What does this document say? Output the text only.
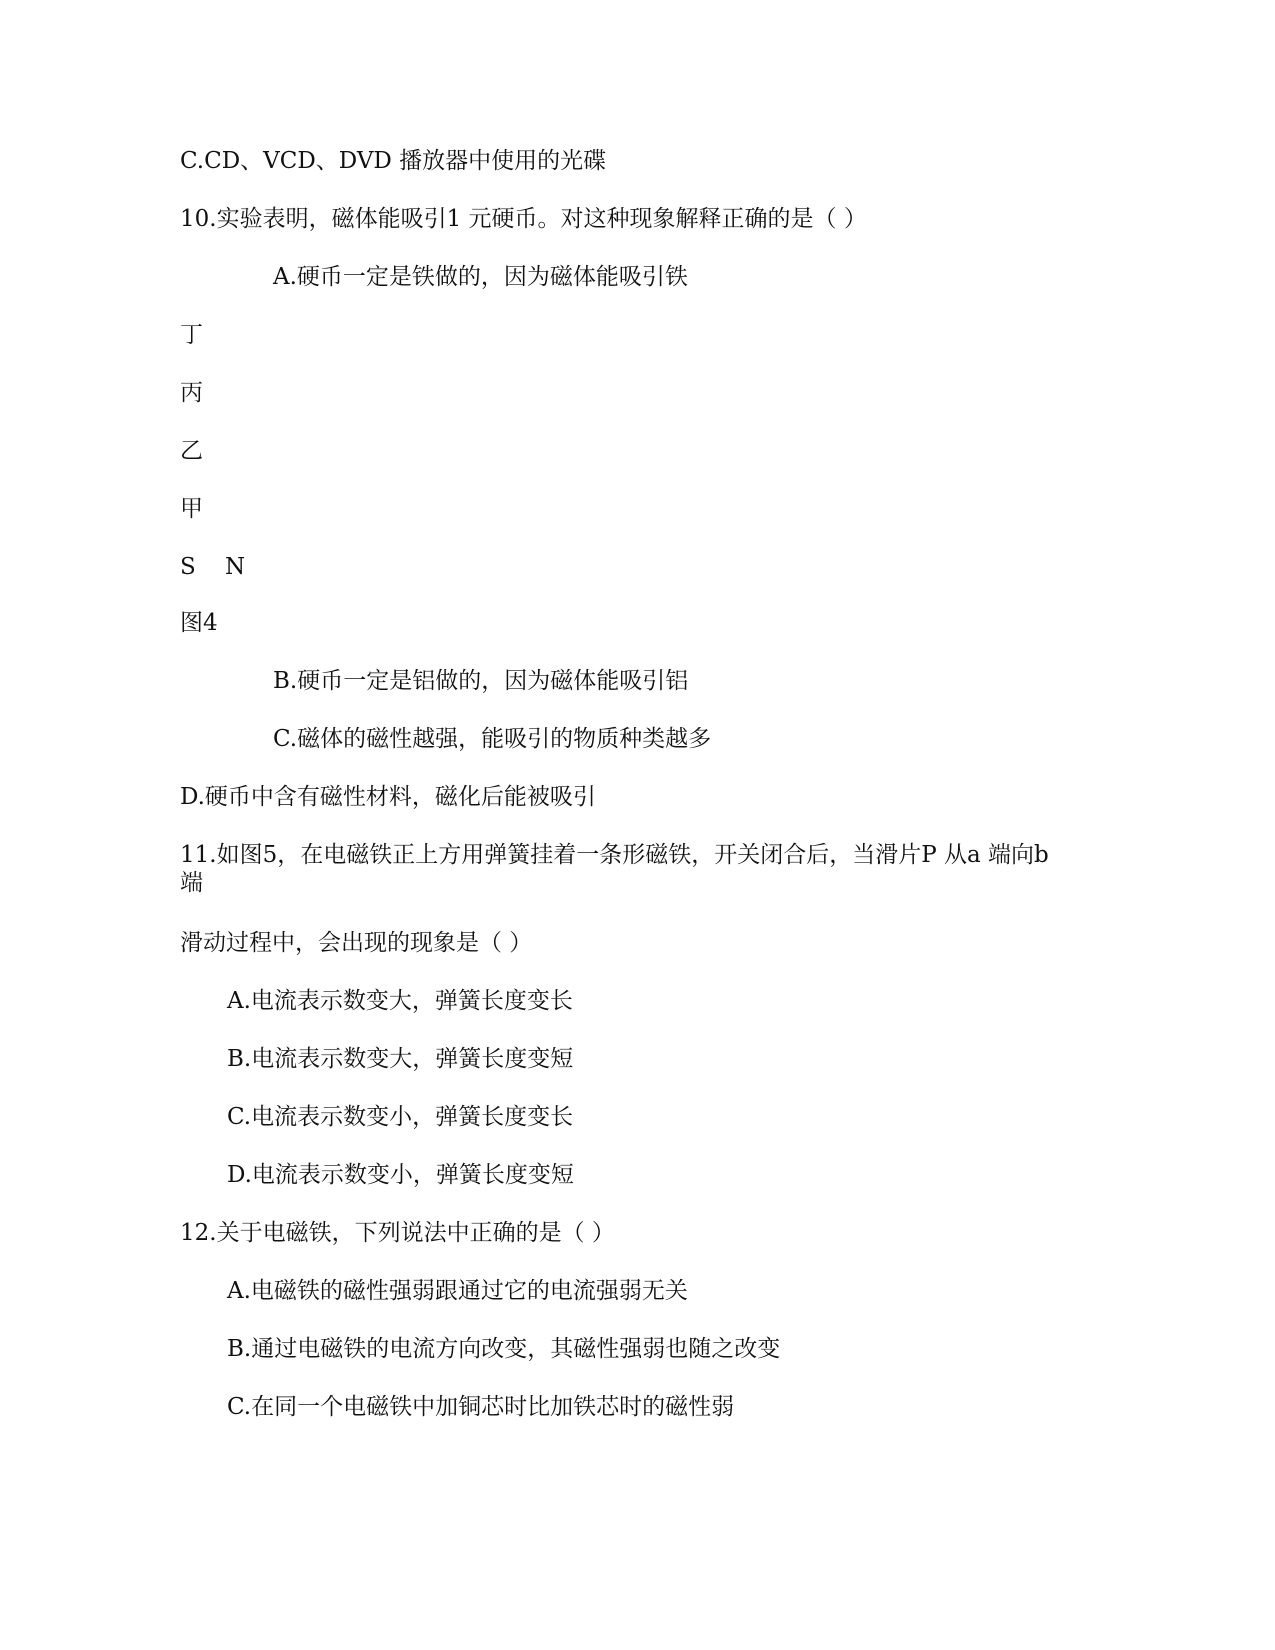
C.CD、VCD、DVD 播放器中使用的光碟
10.实验表明，磁体能吸引1 元硬币。对这种现象解释正确的是（ ）
A.硬币一定是铁做的，因为磁体能吸引铁
丁
丙
乙
甲
S    N
图4
B.硬币一定是铝做的，因为磁体能吸引铝
C.磁体的磁性越强，能吸引的物质种类越多
D.硬币中含有磁性材料，磁化后能被吸引
11.如图5，在电磁铁正上方用弹簧挂着一条形磁铁，开关闭合后，当滑片P 从a 端向b 端
滑动过程中，会出现的现象是（ ）
A.电流表示数变大，弹簧长度变长
B.电流表示数变大，弹簧长度变短
C.电流表示数变小，弹簧长度变长
D.电流表示数变小，弹簧长度变短
12.关于电磁铁，下列说法中正确的是（ ）
A.电磁铁的磁性强弱跟通过它的电流强弱无关
B.通过电磁铁的电流方向改变，其磁性强弱也随之改变
C.在同一个电磁铁中加铜芯时比加铁芯时的磁性弱
